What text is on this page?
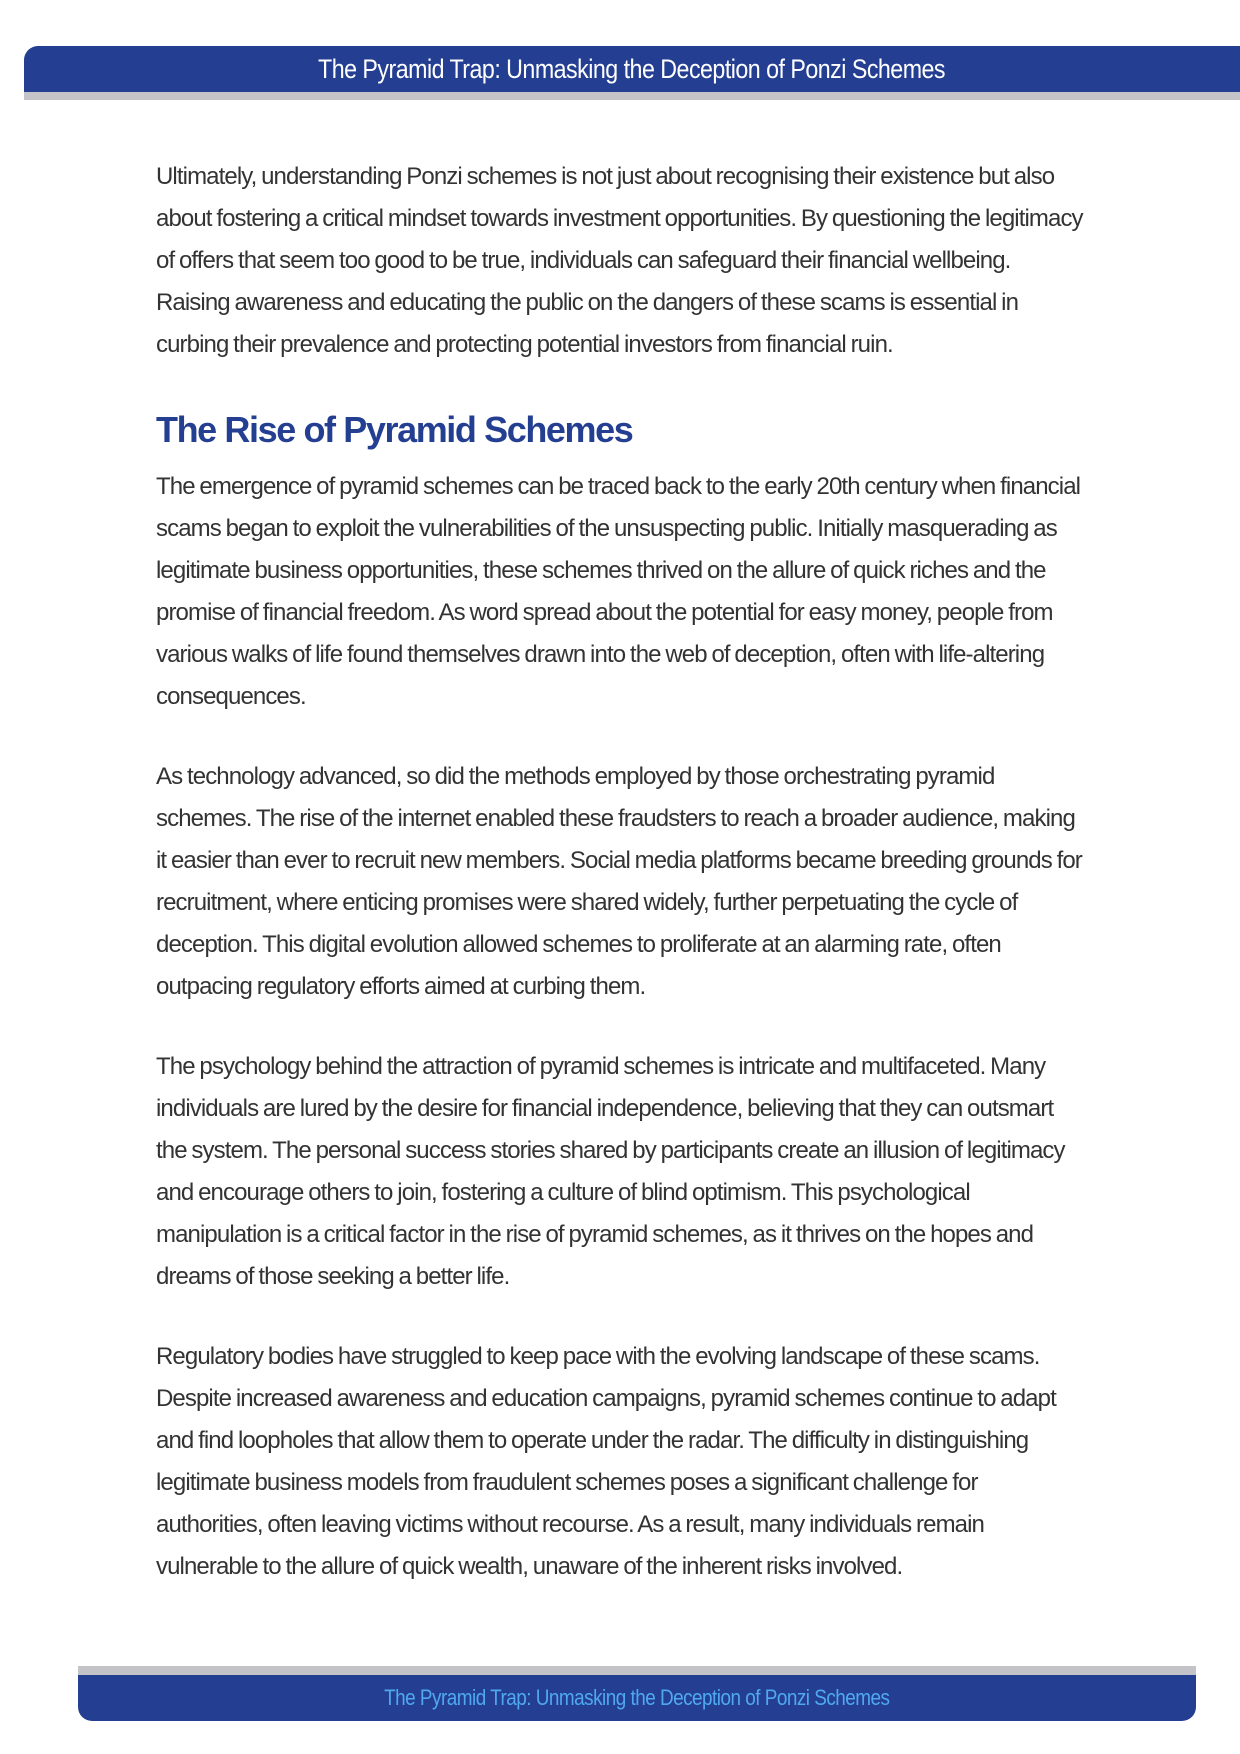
The Pyramid Trap: Unmasking the Deception of Ponzi Schemes

Ultimately, understanding Ponzi schemes is not just about recognising their existence but also about fostering a critical mindset towards investment opportunities. By questioning the legitimacy of offers that seem too good to be true, individuals can safeguard their financial wellbeing. Raising awareness and educating the public on the dangers of these scams is essential in curbing their prevalence and protecting potential investors from financial ruin.

The Rise of Pyramid Schemes

The emergence of pyramid schemes can be traced back to the early 20th century when financial scams began to exploit the vulnerabilities of the unsuspecting public. Initially masquerading as legitimate business opportunities, these schemes thrived on the allure of quick riches and the promise of financial freedom. As word spread about the potential for easy money, people from various walks of life found themselves drawn into the web of deception, often with life-altering consequences.

As technology advanced, so did the methods employed by those orchestrating pyramid schemes. The rise of the internet enabled these fraudsters to reach a broader audience, making it easier than ever to recruit new members. Social media platforms became breeding grounds for recruitment, where enticing promises were shared widely, further perpetuating the cycle of deception. This digital evolution allowed schemes to proliferate at an alarming rate, often outpacing regulatory efforts aimed at curbing them.

The psychology behind the attraction of pyramid schemes is intricate and multifaceted. Many individuals are lured by the desire for financial independence, believing that they can outsmart the system. The personal success stories shared by participants create an illusion of legitimacy and encourage others to join, fostering a culture of blind optimism. This psychological manipulation is a critical factor in the rise of pyramid schemes, as it thrives on the hopes and dreams of those seeking a better life.

Regulatory bodies have struggled to keep pace with the evolving landscape of these scams. Despite increased awareness and education campaigns, pyramid schemes continue to adapt and find loopholes that allow them to operate under the radar. The difficulty in distinguishing legitimate business models from fraudulent schemes poses a significant challenge for authorities, often leaving victims without recourse. As a result, many individuals remain vulnerable to the allure of quick wealth, unaware of the inherent risks involved.

The Pyramid Trap: Unmasking the Deception of Ponzi Schemes
